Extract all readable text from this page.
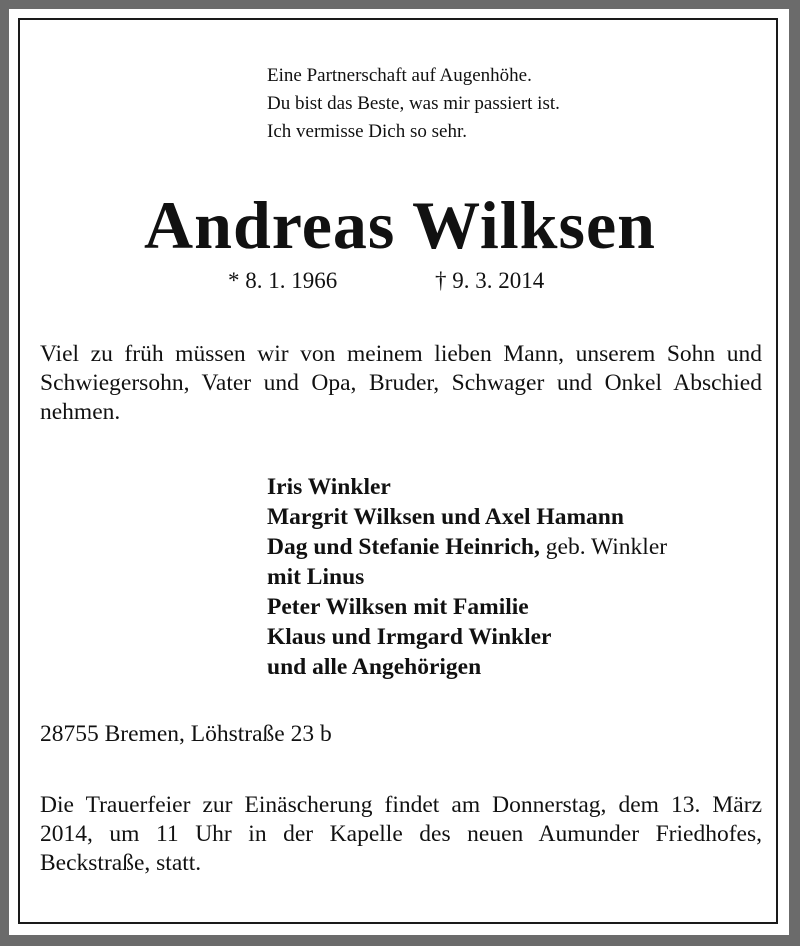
Eine Partnerschaft auf Augenhöhe.
Du bist das Beste, was mir passiert ist.
Ich vermisse Dich so sehr.
Andreas Wilksen
* 8. 1. 1966	† 9. 3. 2014
Viel zu früh müssen wir von meinem lieben Mann, unserem Sohn und Schwiegersohn, Vater und Opa, Bruder, Schwager und Onkel Abschied nehmen.
Iris Winkler
Margrit Wilksen und Axel Hamann
Dag und Stefanie Heinrich, geb. Winkler
mit Linus
Peter Wilksen mit Familie
Klaus und Irmgard Winkler
und alle Angehörigen
28755 Bremen, Löhstraße 23 b
Die Trauerfeier zur Einäscherung findet am Donnerstag, dem 13. März 2014, um 11 Uhr in der Kapelle des neuen Aumunder Friedhofes, Beckstraße, statt.
